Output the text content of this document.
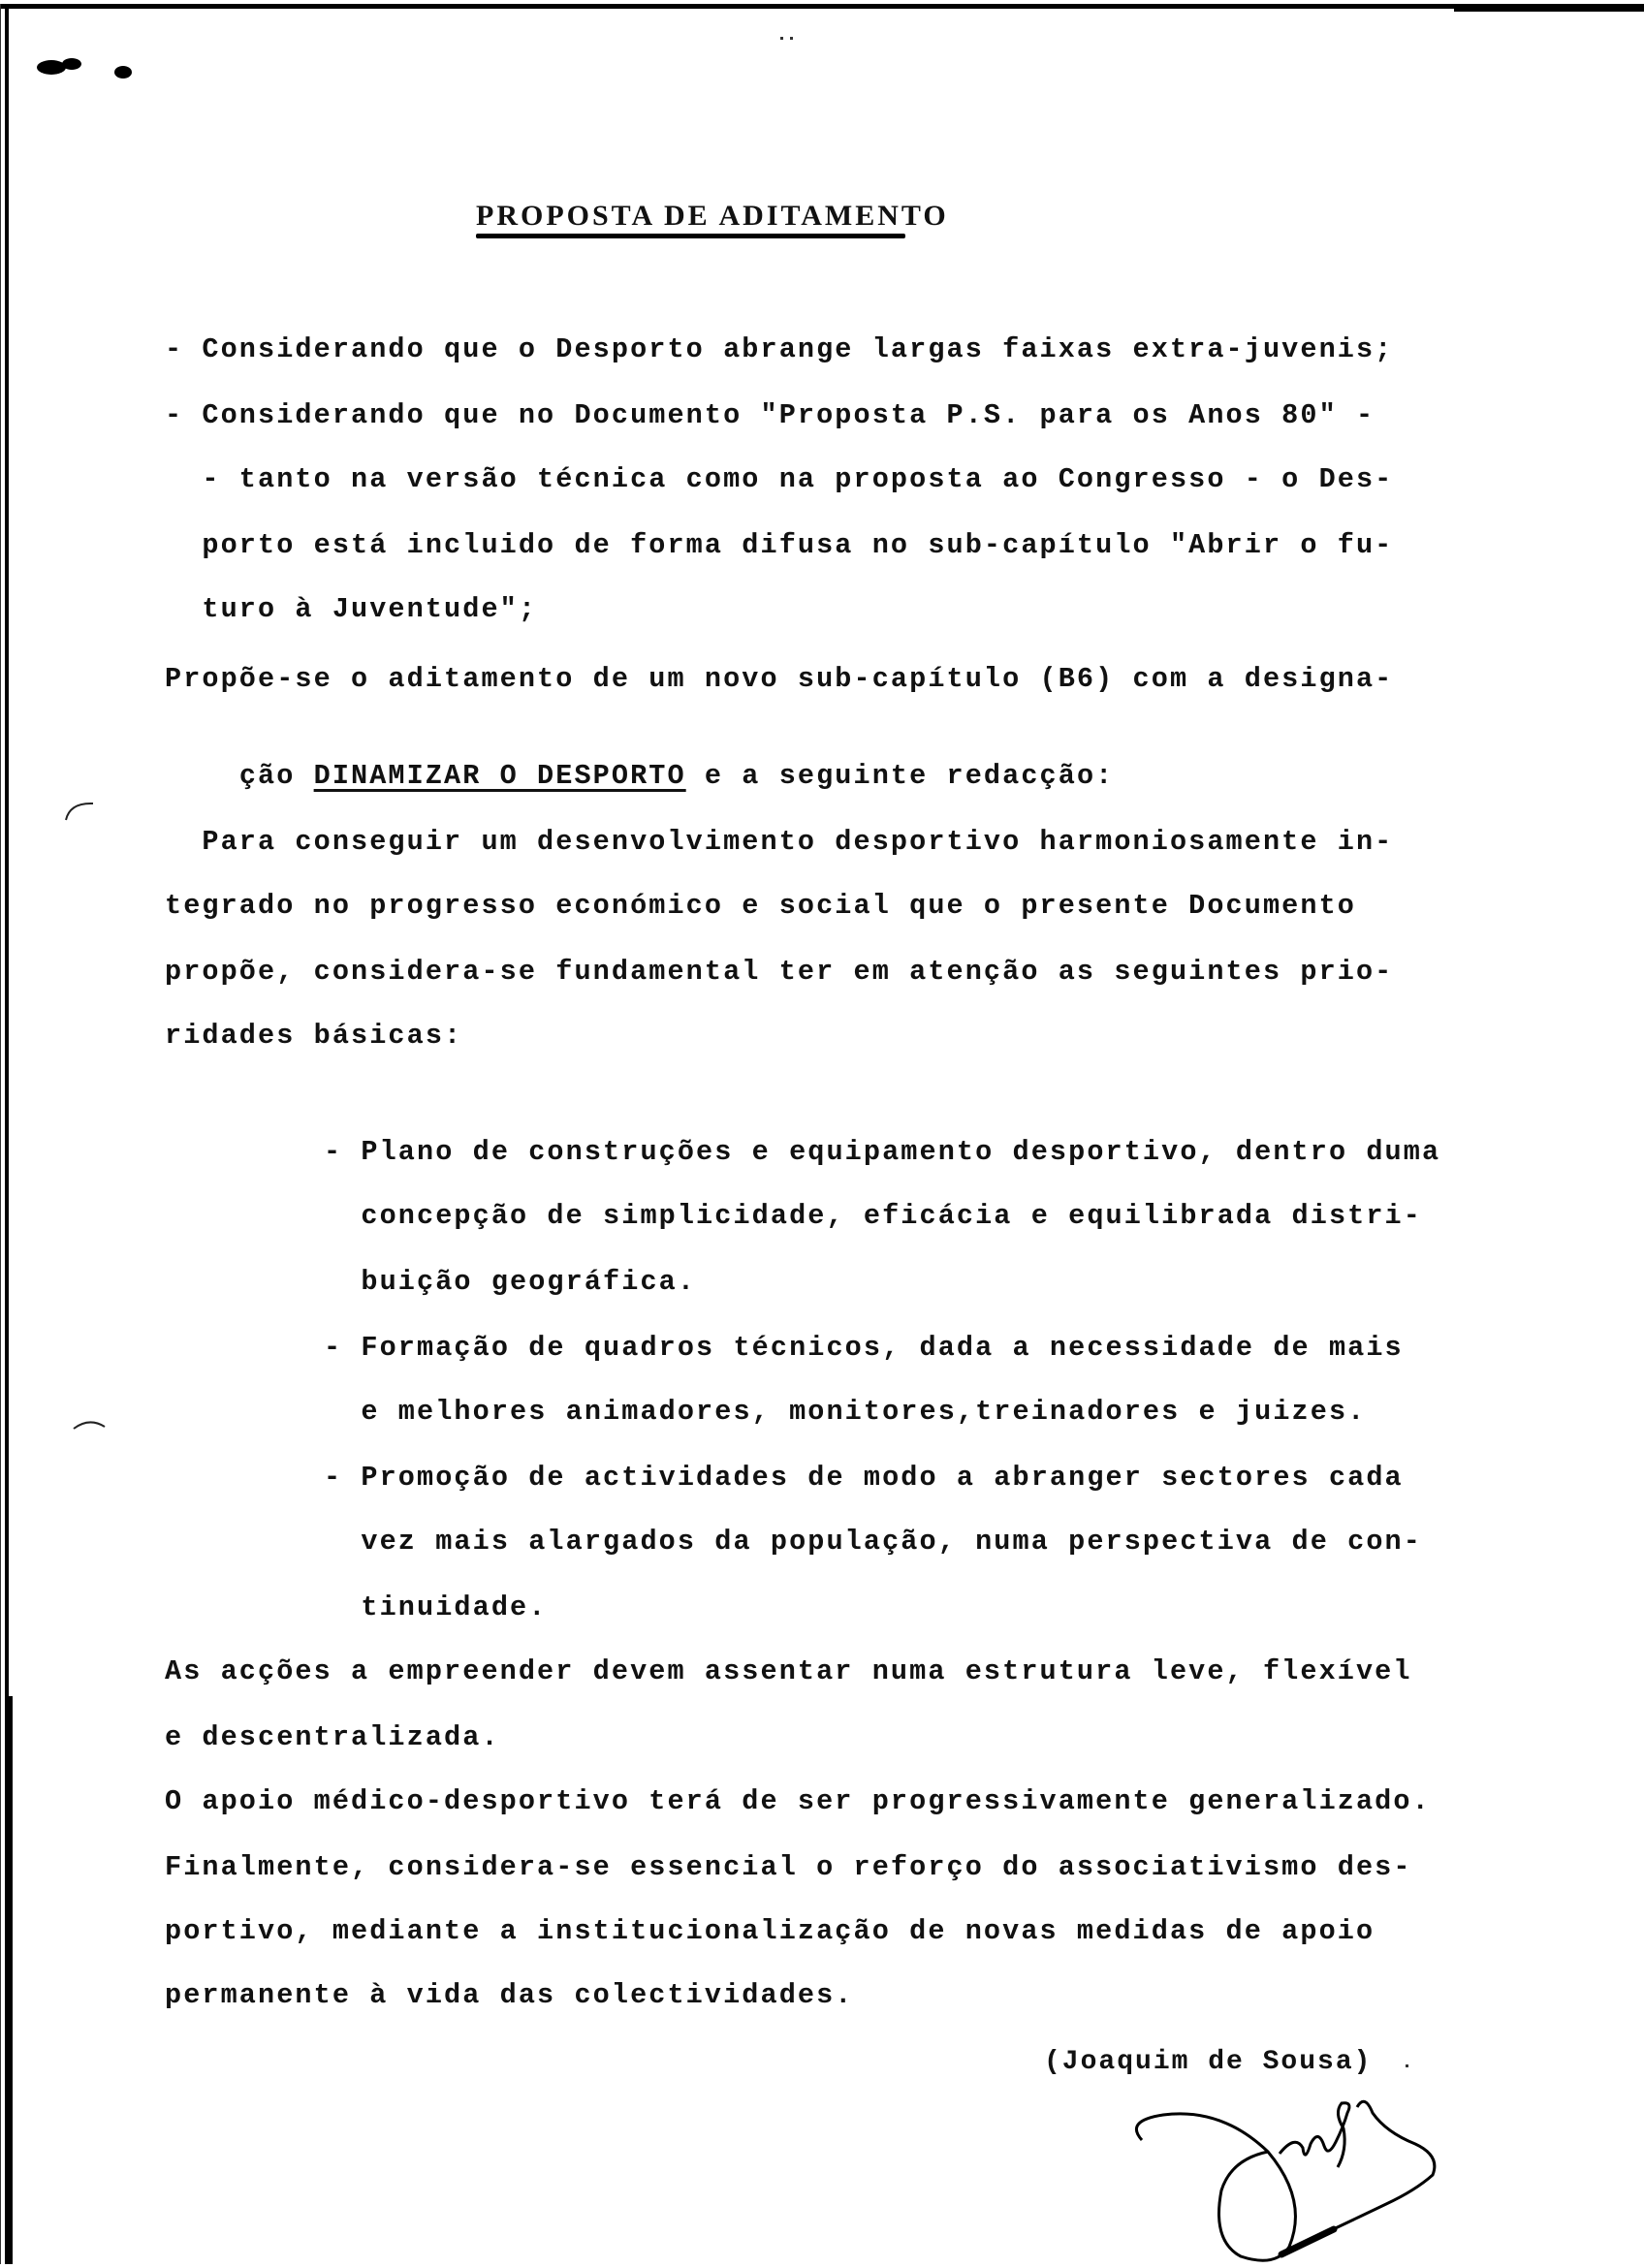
PROPOSTA DE ADITAMENTO
- Considerando que o Desporto abrange largas faixas extra-juvenis;
- Considerando que no Documento "Proposta P.S. para os Anos 80" -
- tanto na versão técnica como na proposta ao Congresso - o Des-
porto está incluido de forma difusa no sub-capítulo "Abrir o fu-
turo à Juventude";
Propõe-se o aditamento de um novo sub-capítulo (B6) com a designa-

ção DINAMIZAR O DESPORTO e a seguinte redacção:

Para conseguir um desenvolvimento desportivo harmoniosamente in-
tegrado no progresso económico e social que o presente Documento
propõe, considera-se fundamental ter em atenção as seguintes prio-
ridades básicas:
- Plano de construções e equipamento desportivo, dentro duma
concepção de simplicidade, eficácia e equilibrada distri-
buição geográfica.
- Formação de quadros técnicos, dada a necessidade de mais
e melhores animadores, monitores,treinadores e juizes.
- Promoção de actividades de modo a abranger sectores cada
vez mais alargados da população, numa perspectiva de con-
tinuidade.
As acções a empreender devem assentar numa estrutura leve, flexível
e descentralizada.
O apoio médico-desportivo terá de ser progressivamente generalizado.
Finalmente, considera-se essencial o reforço do associativismo des-
portivo, mediante a institucionalização de novas medidas de apoio
permanente à vida das colectividades.
(Joaquim de Sousa)
